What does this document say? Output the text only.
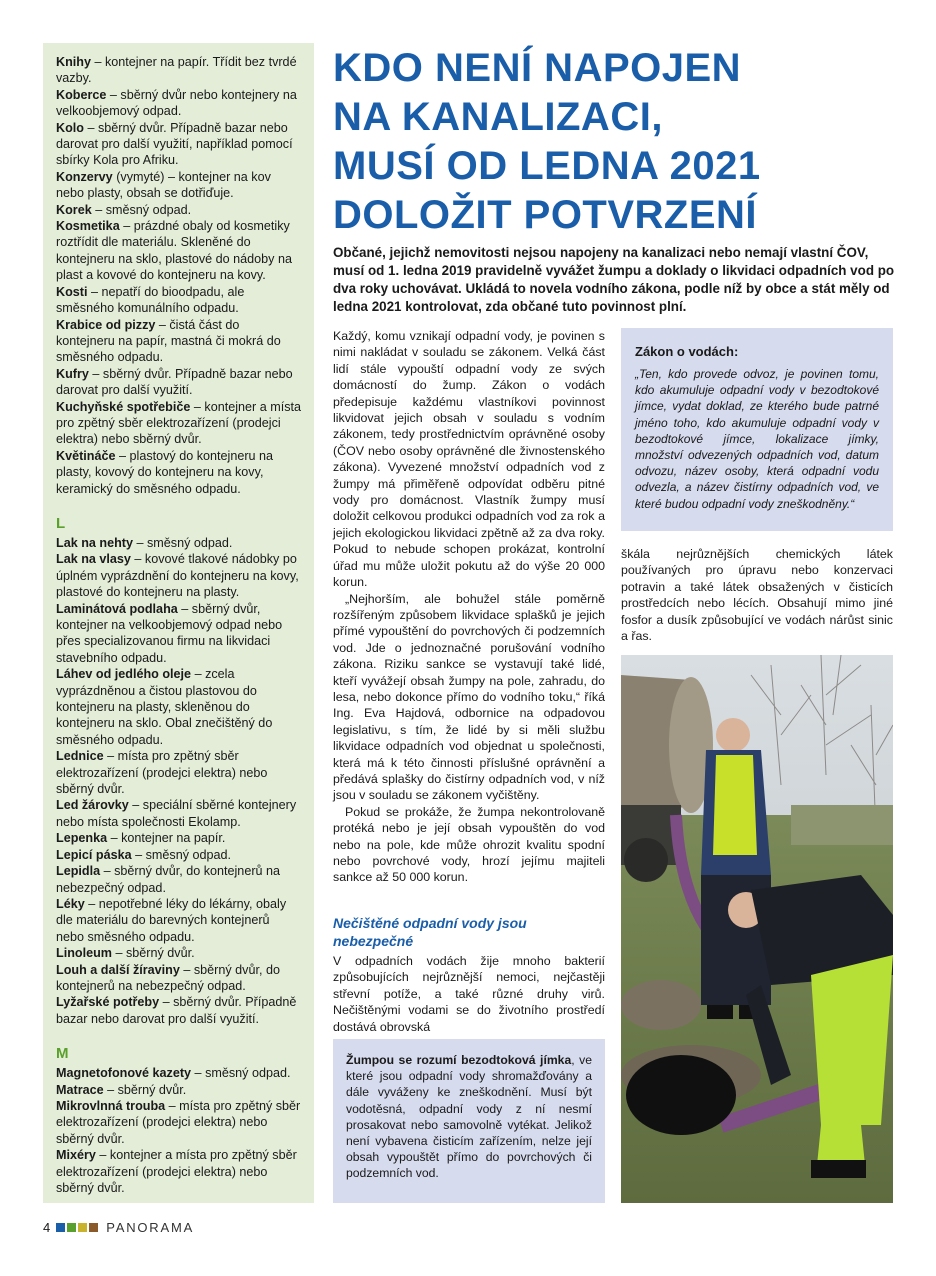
Knihy – kontejner na papír. Třídit bez tvrdé vazby.

Koberce – sběrný dvůr nebo kontejnery na velkoobjemový odpad.

Kolo – sběrný dvůr. Případně bazar nebo darovat pro další využití, například pomocí sbírky Kola pro Afriku.

Konzervy (vymyté) – kontejner na kov nebo plasty, obsah se dotřiďuje.

Korek – směsný odpad.

Kosmetika – prázdné obaly od kosmetiky roztřídit dle materiálu. Skleněné do kontejneru na sklo, plastové do nádoby na plast a kovové do kontejneru na kovy.

Kosti – nepatří do bioodpadu, ale směsného komunálního odpadu.

Krabice od pizzy – čistá část do kontejneru na papír, mastná či mokrá do směsného odpadu.

Kufry – sběrný dvůr. Případně bazar nebo darovat pro další využití.

Kuchyňské spotřebiče – kontejner a místa pro zpětný sběr elektrozařízení (prodejci elektra) nebo sběrný dvůr.

Květináče – plastový do kontejneru na plasty, kovový do kontejneru na kovy, keramický do směsného odpadu.

L

Lak na nehty – směsný odpad.

Lak na vlasy – kovové tlakové nádobky po úplném vyprázdnění do kontejneru na kovy, plastové do kontejneru na plasty.

Laminátová podlaha – sběrný dvůr, kontejner na velkoobjemový odpad nebo přes specializovanou firmu na likvidaci stavebního odpadu.

Láhev od jedlého oleje – zcela vyprázdněnou a čistou plastovou do kontejneru na plasty, skleněnou do kontejneru na sklo. Obal znečištěný do směsného odpadu.

Lednice – místa pro zpětný sběr elektrozařízení (prodejci elektra) nebo sběrný dvůr.

Led žárovky – speciální sběrné kontejnery nebo místa společnosti Ekolamp.

Lepenka – kontejner na papír.

Lepicí páska – směsný odpad.

Lepidla – sběrný dvůr, do kontejnerů na nebezpečný odpad.

Léky – nepotřebné léky do lékárny, obaly dle materiálu do barevných kontejnerů nebo směsného odpadu.

Linoleum – sběrný dvůr.

Louh a další žíraviny – sběrný dvůr, do kontejnerů na nebezpečný odpad.

Lyžařské potřeby – sběrný dvůr. Případně bazar nebo darovat pro další využití.

M

Magnetofonové kazety – směsný odpad.

Matrace – sběrný dvůr.

Mikrovlnná trouba – místa pro zpětný sběr elektrozařízení (prodejci elektra) nebo sběrný dvůr.

Mixéry – kontejner a místa pro zpětný sběr elektrozařízení (prodejci elektra) nebo sběrný dvůr.

KDO NENÍ NAPOJEN
NA KANALIZACI,
MUSÍ OD LEDNA 2021
DOLOŽIT POTVRZENÍ

Občané, jejichž nemovitosti nejsou napojeny na kanalizaci nebo nemají vlastní ČOV, musí od 1. ledna 2019 pravidelně vyvážet žumpu a doklady o likvidaci odpadních vod po dva roky uchovávat. Ukládá to novela vodního zákona, podle níž by obce a stát měly od ledna 2021 kontrolovat, zda občané tuto povinnost plní.

Každý, komu vznikají odpadní vody, je povinen s nimi nakládat v souladu se zákonem. Velká část lidí stále vypouští odpadní vody ze svých domácností do žump. Zákon o vodách předepisuje každému vlastníkovi povinnost likvidovat jejich obsah v souladu s vodním zákonem, tedy prostřednictvím oprávněné osoby (ČOV nebo osoby oprávněné dle živnostenského zákona). Vyvezené množství odpadních vod z žumpy má přiměřeně odpovídat odběru pitné vody pro domácnost. Vlastník žumpy musí doložit celkovou produkci odpadních vod za rok a jejich ekologickou likvidaci zpětně až za dva roky. Pokud to nebude schopen prokázat, kontrolní úřad mu může uložit pokutu až do výše 20 000 korun.

„Nejhorším, ale bohužel stále poměrně rozšířeným způsobem likvidace splašků je jejich přímé vypouštění do povrchových či podzemních vod. Jde o jednoznačné porušování vodního zákona. Riziku sankce se vystavují také lidé, kteří vyvážejí obsah žumpy na pole, zahradu, do lesa, nebo dokonce přímo do vodního toku,“ říká Ing. Eva Hajdová, odbornice na odpadovou legislativu, s tím, že lidé by si měli službu likvidace odpadních vod objednat u společnosti, která má k této činnosti příslušné oprávnění a předává splašky do čistírny odpadních vod, v níž jsou v souladu se zákonem vyčištěny.

Pokud se prokáže, že žumpa nekontrolovaně protéká nebo je její obsah vypouštěn do vod nebo na pole, kde může ohrozit kvalitu spodní nebo povrchové vody, hrozí jejímu majiteli sankce až 50 000 korun.

Nečištěné odpadní vody jsou nebezpečné

V odpadních vodách žije mnoho bakterií způsobujících nejrůznější nemoci, nejčastěji střevní potíže, a také různé druhy virů. Nečištěnými vodami se do životního prostředí dostává obrovská

Žumpou se rozumí bezodtoková jímka, ve které jsou odpadní vody shromažďovány a dále vyváženy ke zneškodnění. Musí být vodotěsná, odpadní vody z ní nesmí prosakovat nebo samovolně vytékat. Jelikož není vybavena čisticím zařízením, nelze její obsah vypouštět přímo do povrchových či podzemních vod.

Zákon o vodách:

„Ten, kdo provede odvoz, je povinen tomu, kdo akumuluje odpadní vody v bezodtokové jímce, vydat doklad, ze kterého bude patrné jméno toho, kdo akumuluje odpadní vody v bezodtokové jímce, lokalizace jímky, množství odvezených odpadních vod, datum odvozu, název osoby, která odpadní vodu odvezla, a název čistírny odpadních vod, ve které budou odpadní vody zneškodněny.“

škála nejrůznějších chemických látek používaných pro úpravu nebo konzervaci potravin a také látek obsažených v čisticích prostředcích nebo lécích. Obsahují mimo jiné fosfor a dusík způsobující ve vodách nárůst sinic a řas.

4	PANORAMA
